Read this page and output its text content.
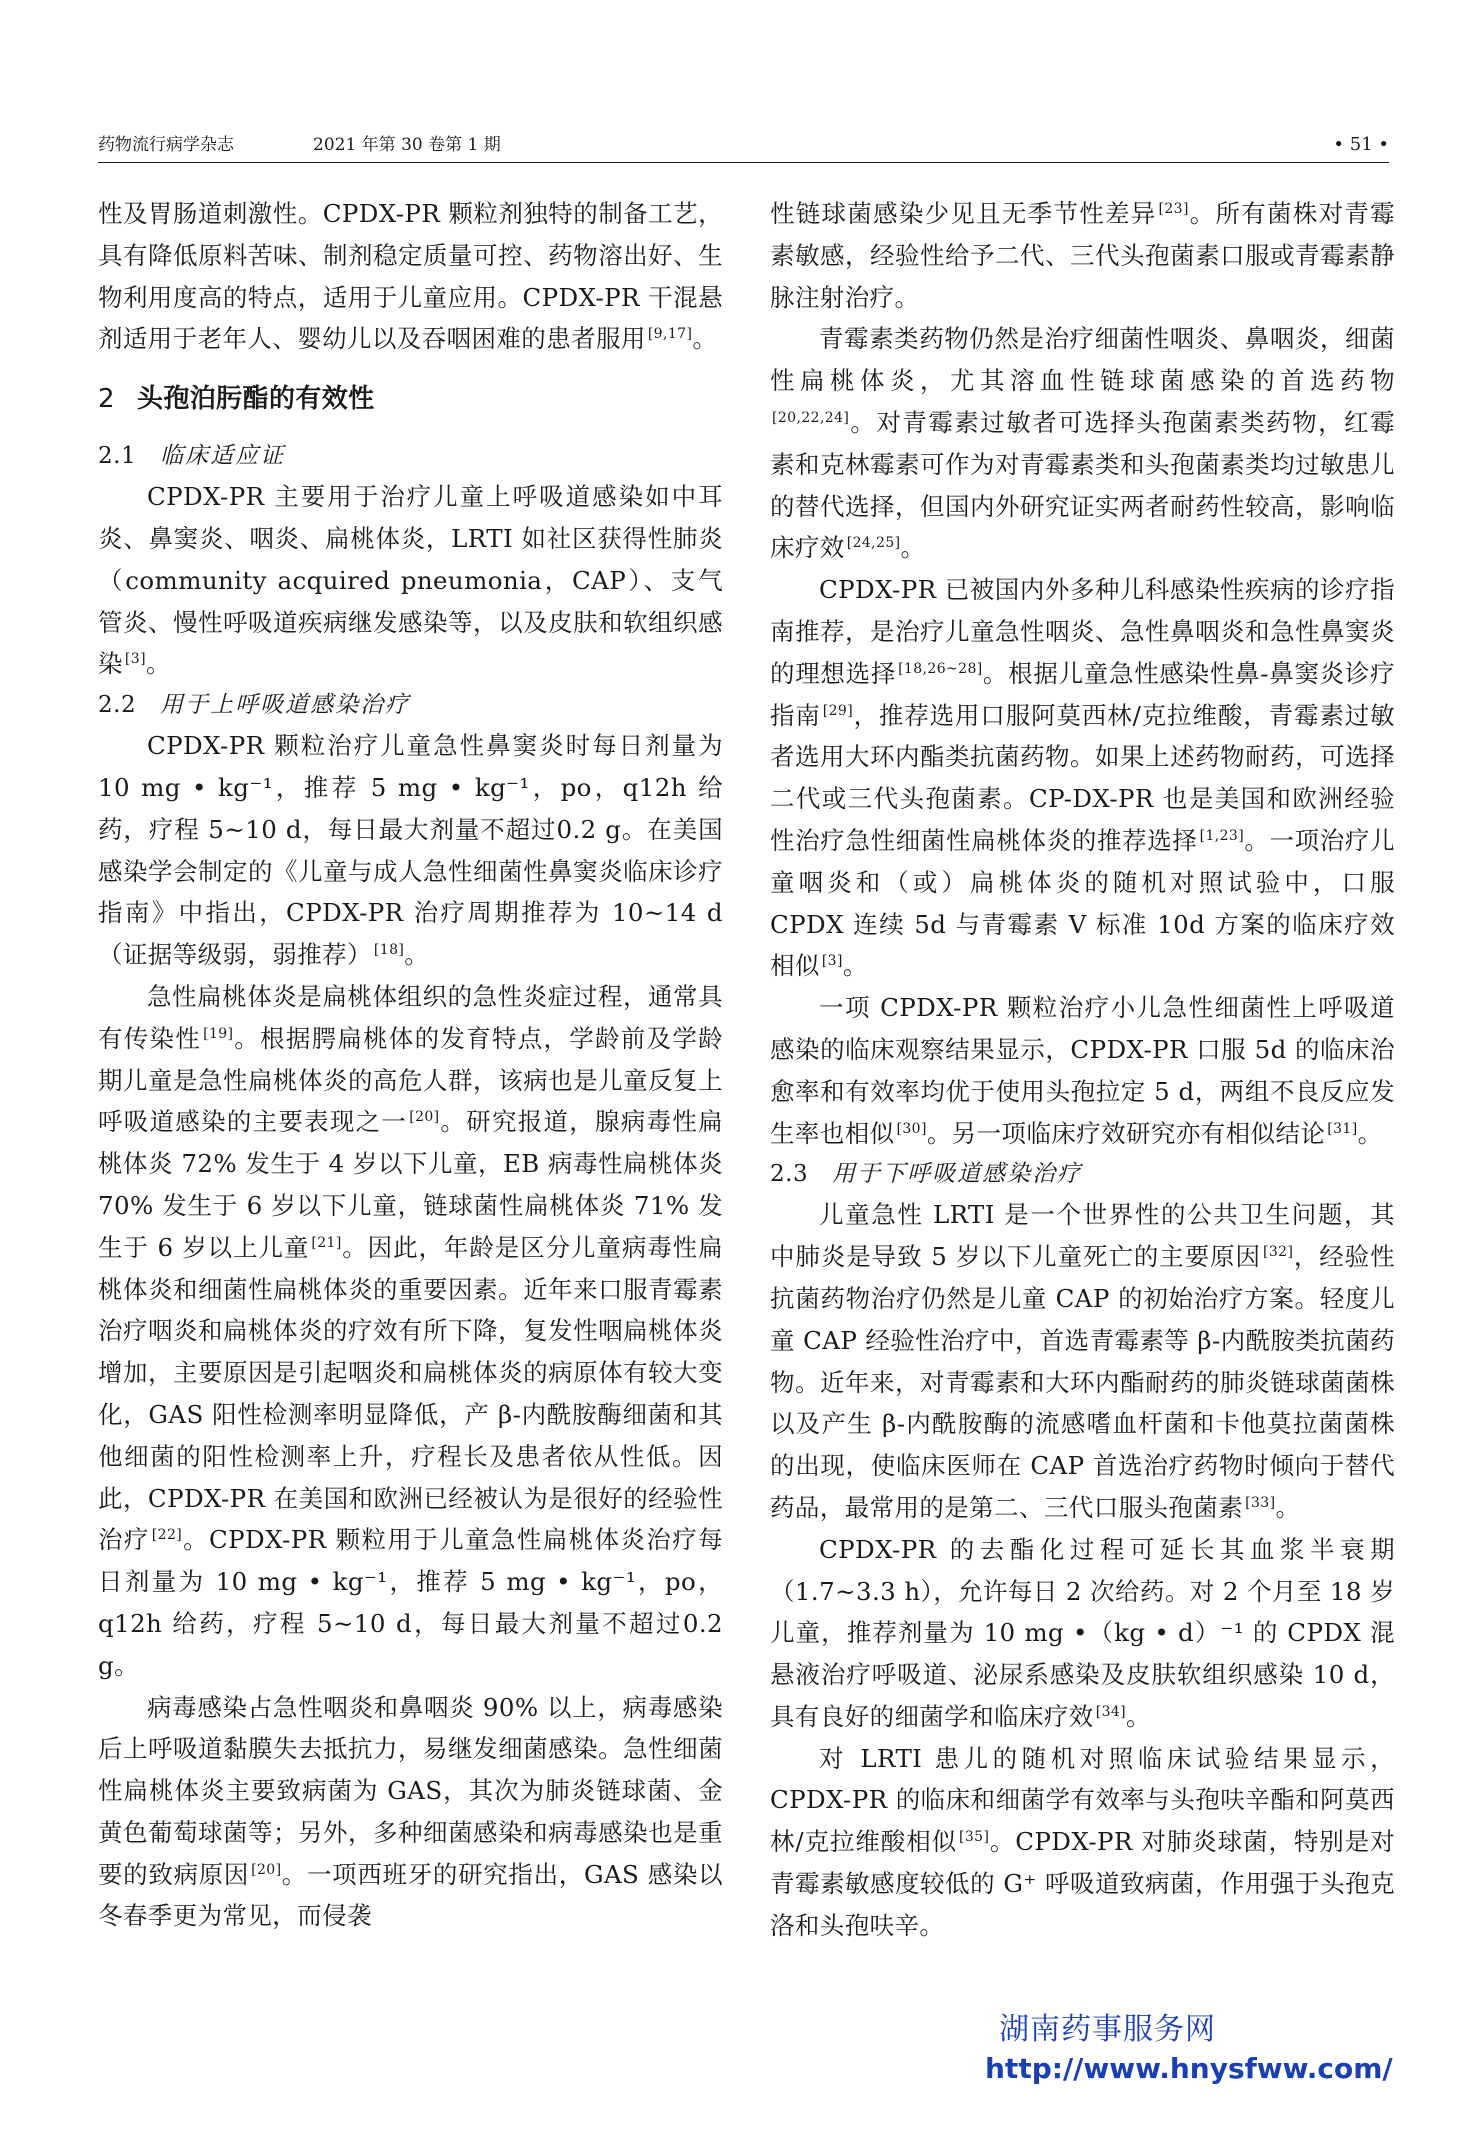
药物流行病学杂志	2021 年第 30 卷第 1 期	• 51 •

性及胃肠道刺激性。CPDX-PR 颗粒剂独特的制备工艺，具有降低原料苦味、制剂稳定质量可控、药物溶出好、生物利用度高的特点，适用于儿童应用。CPDX-PR 干混悬剂适用于老年人、婴幼儿以及吞咽困难的患者服用 [9,17]。

2 头孢泊肟酯的有效性
2.1 临床适应证

CPDX-PR 主要用于治疗儿童上呼吸道感染如中耳炎、鼻窦炎、咽炎、扁桃体炎，LRTI 如社区获得性肺炎（community acquired pneumonia，CAP）、支气管炎、慢性呼吸道疾病继发感染等，以及皮肤和软组织感染 [3]。

2.2 用于上呼吸道感染治疗

CPDX-PR 颗粒治疗儿童急性鼻窦炎时每日剂量为 10 mg • kg⁻¹，推荐 5 mg • kg⁻¹，po，q12h 给药，疗程 5~10 d，每日最大剂量不超过0.2 g。在美国感染学会制定的《儿童与成人急性细菌性鼻窦炎临床诊疗指南》中指出，CPDX-PR 治疗周期推荐为 10~14 d（证据等级弱，弱推荐） [18]。

急性扁桃体炎是扁桃体组织的急性炎症过程，通常具有传染性 [19]。根据腭扁桃体的发育特点，学龄前及学龄期儿童是急性扁桃体炎的高危人群，该病也是儿童反复上呼吸道感染的主要表现之一 [20]。研究报道，腺病毒性扁桃体炎 72% 发生于 4 岁以下儿童，EB 病毒性扁桃体炎 70% 发生于 6 岁以下儿童，链球菌性扁桃体炎 71% 发生于 6 岁以上儿童 [21]。因此，年龄是区分儿童病毒性扁桃体炎和细菌性扁桃体炎的重要因素。近年来口服青霉素治疗咽炎和扁桃体炎的疗效有所下降，复发性咽扁桃体炎增加，主要原因是引起咽炎和扁桃体炎的病原体有较大变化，GAS 阳性检测率明显降低，产 β-内酰胺酶细菌和其他细菌的阳性检测率上升，疗程长及患者依从性低。因此，CPDX-PR 在美国和欧洲已经被认为是很好的经验性治疗 [22]。CPDX-PR 颗粒用于儿童急性扁桃体炎治疗每日剂量为 10 mg • kg⁻¹，推荐 5 mg • kg⁻¹，po，q12h 给药，疗程 5~10 d，每日最大剂量不超过0.2 g。

病毒感染占急性咽炎和鼻咽炎 90% 以上，病毒感染后上呼吸道黏膜失去抵抗力，易继发细菌感染。急性细菌性扁桃体炎主要致病菌为 GAS，其次为肺炎链球菌、金黄色葡萄球菌等；另外，多种细菌感染和病毒感染也是重要的致病原因 [20]。一项西班牙的研究指出，GAS 感染以冬春季更为常见，而侵袭

性链球菌感染少见且无季节性差异 [23]。所有菌株对青霉素敏感，经验性给予二代、三代头孢菌素口服或青霉素静脉注射治疗。

青霉素类药物仍然是治疗细菌性咽炎、鼻咽炎，细菌性扁桃体炎，尤其溶血性链球菌感染的首选药物[20,22,24]。对青霉素过敏者可选择头孢菌素类药物，红霉素和克林霉素可作为对青霉素类和头孢菌素类均过敏患儿的替代选择，但国内外研究证实两者耐药性较高，影响临床疗效 [24,25]。

CPDX-PR 已被国内外多种儿科感染性疾病的诊疗指南推荐，是治疗儿童急性咽炎、急性鼻咽炎和急性鼻窦炎的理想选择 [18,26~28]。根据儿童急性感染性鼻-鼻窦炎诊疗指南 [29]，推荐选用口服阿莫西林/克拉维酸，青霉素过敏者选用大环内酯类抗菌药物。如果上述药物耐药，可选择二代或三代头孢菌素。CP-DX-PR 也是美国和欧洲经验性治疗急性细菌性扁桃体炎的推荐选择 [1,23]。一项治疗儿童咽炎和（或）扁桃体炎的随机对照试验中，口服 CPDX 连续 5d 与青霉素 V 标准 10d 方案的临床疗效相似 [3]。

一项 CPDX-PR 颗粒治疗小儿急性细菌性上呼吸道感染的临床观察结果显示，CPDX-PR 口服 5d 的临床治愈率和有效率均优于使用头孢拉定 5 d，两组不良反应发生率也相似 [30]。另一项临床疗效研究亦有相似结论 [31]。

2.3 用于下呼吸道感染治疗

儿童急性 LRTI 是一个世界性的公共卫生问题，其中肺炎是导致 5 岁以下儿童死亡的主要原因 [32]，经验性抗菌药物治疗仍然是儿童 CAP 的初始治疗方案。轻度儿童 CAP 经验性治疗中，首选青霉素等 β-内酰胺类抗菌药物。近年来，对青霉素和大环内酯耐药的肺炎链球菌菌株以及产生 β-内酰胺酶的流感嗜血杆菌和卡他莫拉菌菌株的出现，使临床医师在 CAP 首选治疗药物时倾向于替代药品，最常用的是第二、三代口服头孢菌素 [33]。

CPDX-PR 的去酯化过程可延长其血浆半衰期（1.7~3.3 h），允许每日 2 次给药。对 2 个月至 18 岁儿童，推荐剂量为 10 mg •（kg • d）⁻¹ 的 CPDX 混悬液治疗呼吸道、泌尿系感染及皮肤软组织感染 10 d，具有良好的细菌学和临床疗效 [34]。

对 LRTI 患儿的随机对照临床试验结果显示，CPDX-PR 的临床和细菌学有效率与头孢呋辛酯和阿莫西林/克拉维酸相似 [35]。CPDX-PR 对肺炎球菌，特别是对青霉素敏感度较低的 G⁺ 呼吸道致病菌，作用强于头孢克洛和头孢呋辛。

湖南药事服务网
http://www.hnysfww.com/
